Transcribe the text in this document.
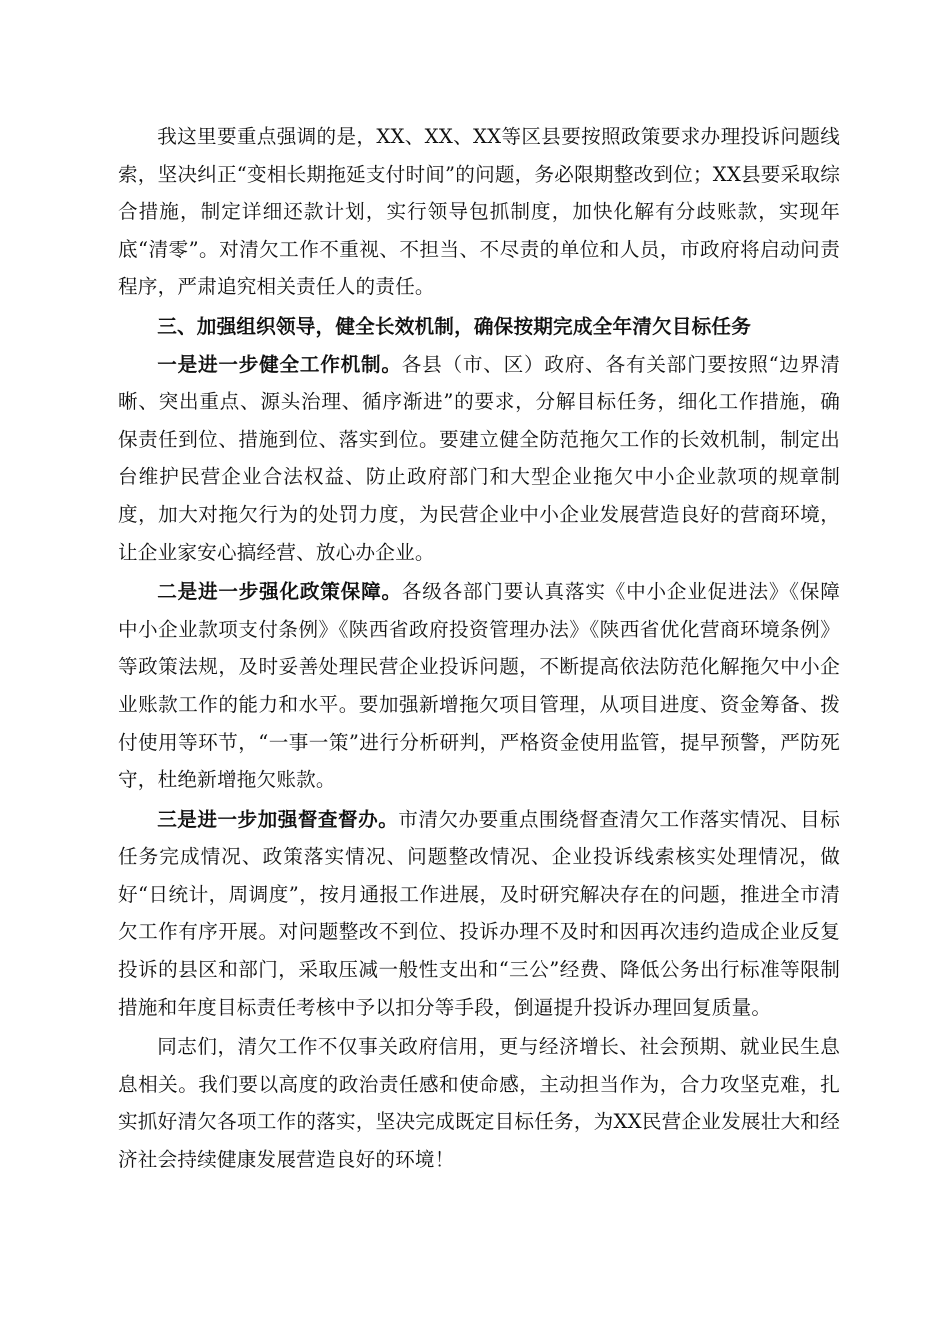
我这里要重点强调的是，XX、XX、XX等区县要按照政策要求办理投诉问题线索，坚决纠正“变相长期拖延支付时间”的问题，务必限期整改到位；XX县要采取综合措施，制定详细还款计划，实行领导包抓制度，加快化解有分歧账款，实现年底“清零”。对清欠工作不重视、不担当、不尽责的单位和人员，市政府将启动问责程序，严肃追究相关责任人的责任。

三、加强组织领导，健全长效机制，确保按期完成全年清欠目标任务

一是进一步健全工作机制。各县（市、区）政府、各有关部门要按照“边界清晰、突出重点、源头治理、循序渐进”的要求，分解目标任务，细化工作措施，确保责任到位、措施到位、落实到位。要建立健全防范拖欠工作的长效机制，制定出台维护民营企业合法权益、防止政府部门和大型企业拖欠中小企业款项的规章制度，加大对拖欠行为的处罚力度，为民营企业中小企业发展营造良好的营商环境，让企业家安心搞经营、放心办企业。

二是进一步强化政策保障。各级各部门要认真落实《中小企业促进法》《保障中小企业款项支付条例》《陕西省政府投资管理办法》《陕西省优化营商环境条例》等政策法规，及时妥善处理民营企业投诉问题，不断提高依法防范化解拖欠中小企业账款工作的能力和水平。要加强新增拖欠项目管理，从项目进度、资金筹备、拨付使用等环节，“一事一策”进行分析研判，严格资金使用监管，提早预警，严防死守，杜绝新增拖欠账款。

三是进一步加强督查督办。市清欠办要重点围绕督查清欠工作落实情况、目标任务完成情况、政策落实情况、问题整改情况、企业投诉线索核实处理情况，做好“日统计，周调度”，按月通报工作进展，及时研究解决存在的问题，推进全市清欠工作有序开展。对问题整改不到位、投诉办理不及时和因再次违约造成企业反复投诉的县区和部门，采取压减一般性支出和“三公”经费、降低公务出行标准等限制措施和年度目标责任考核中予以扣分等手段，倒逼提升投诉办理回复质量。

同志们，清欠工作不仅事关政府信用，更与经济增长、社会预期、就业民生息息相关。我们要以高度的政治责任感和使命感，主动担当作为，合力攻坚克难，扎实抓好清欠各项工作的落实，坚决完成既定目标任务，为XX民营企业发展壮大和经济社会持续健康发展营造良好的环境！
